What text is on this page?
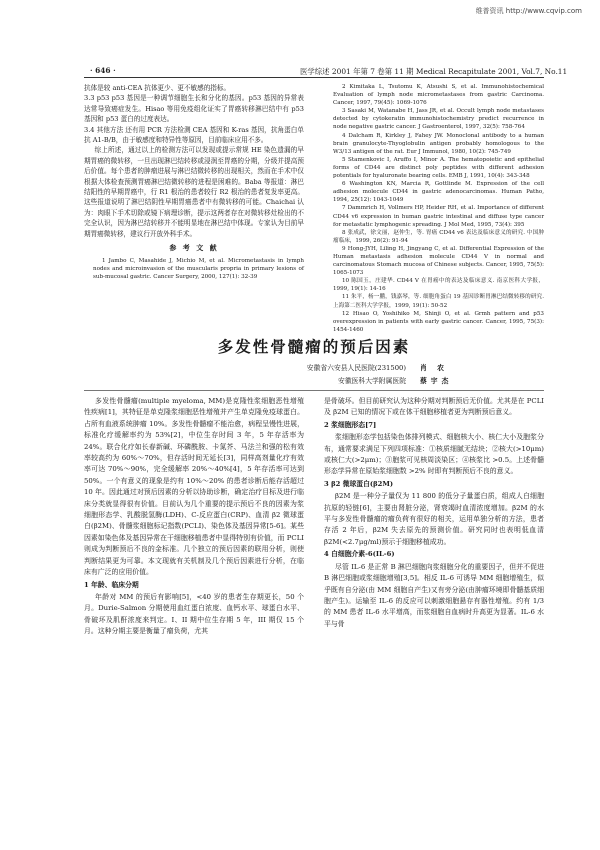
维普资讯 http://www.cqvip.com
· 646 ·	医学综述 2001 年第 7 卷第 11 期 Medical Recapitulate 2001, Vol.7, No.11

抗体是较 anti-CEA 抗体更少、更不敏感的指标。

3.3 p53 p53 基因是一种调节细胞生长和分化的基因。p53 基因的异常表达常导致癌症发生。Hisao 等用免疫组化证实了胃癌转移淋巴结中有 p53 基因和 p53 蛋白的过度表达。

3.4 其他方法 还有用 PCR 方法检测 CEA 基因和 K-ras 基因，抗角蛋白单抗 A1-B/B，由于敏感度和特异性等原因，目前临床应用不多。

综上所述，通过以上的检测方法可以发现或提示常规 HE 染色遗漏的早期胃癌的微转移，一旦出现淋巴结转移或浸润至胃癌的分期，分级并提高预后价值。每个患者的肿瘤进展与淋巴结微转移的出现相关，然而在手术中仅根据大体检查预测胃癌淋巴结微转移的进程是困难的。Baba 等报道：淋巴结阳性的早期胃癌中，行 R1 根治的患者较行 R2 根治的患者复发率更高。这些报道说明了淋巴结阴性早期胃癌患者中有微转移的可能。Chaichai 认为：肉眼下手术切除或镜下病理诊断，提示这两者存在对微转移灶检出的不完全认识，因为淋巴结转移并不能明显地在淋巴结中体现。专家认为目前早期胃癌微转移，建议行开放外科手术。

参 考 文 献

1 Jambo C, Masahide J, Michio M, et al. Micrometastasis in lymph nodes and microinvasion of the muscularis propria in primary lesions of sub-mucosal gastric. Cancer Surgery, 2000, 127(1): 32-39

2 Kimitaka L, Tsutomu K, Atsushi S, et al. Immunohistochemical Evaluation of lymph node micrometastases from gastric Carcinoma. Cancer, 1997, 79(45): 1069-1076

3 Sasaki M, Watanabe H, Jass JR, et al. Occult lymph node metastases detected by cytokeratin immunohistochemistry predict recurrence in node negative gastric cancer. J Gastroenterol, 1997, 32(5): 758-764

4 Dalcham R, Kirkley J, Fahey JW. Monoclonal antibody to a human brain granulocyte-Thyoglobulin antigen probably homologous to the W3/13 antigen of the rat. Eur J Immunol, 1980, 10(2): 745-749

5 Stamenkovic I, Aruffo I, Minor A. The hematopoietic and epithelial forms of CD44 are distinct poly peptides with different adhesion potentials for hyaluronate bearing cells. EMB J, 1991, 10(4): 343-348

6 Washington KN, Marcia R, Gottlinde M. Expression of the cell adhesion molecule CD44 in gastric adenocarcinomas. Human Patho, 1994, 25(12): 1043-1049

7 Dammrich H, Vollmers HP, Heider RH, et al. Importance of different CD44 v6 expression in human gastric intestinal and diffuse type cancer for metastatic lymphogenic spreading. J Mol Med, 1995, 73(4): 395

8 张成武，徐文丽，赵仲生，等. 胃癌 CD44 v6 表达及临床意义的研究. 中国肿瘤临床，1999, 26(2): 91-94

9 Hong-JYH, Liling H, Jingyang C, et al. Differential Expression of the Human metastasis adhesion molecule CD44 V in normal and carcinomatous Stomach mucosa of Chinese subjects. Cancer, 1995, 75(5): 1065-1073

10 陈国玉，庄建华. CD44 V 在胃癌中的表达及临床意义. 南京医科大学报，1999, 19(1): 14-16

11 朱平，杨一鹏，钱嘉琴，等. 细胞角蛋白 19 基因诊断胃淋巴结微转移的研究. 上海第二医科大学学报，1999, 19(1): 50-52

12 Hisao O, Yoshihiko M, Shinji O, et al. Grmh pattern and p53 overexpression in patients with early gastric cancer. Cancer, 1995, 75(3): 1454-1460

多发性骨髓瘤的预后因素
安徽省六安县人民医院(231500) 肖 农
安徽医科大学附属医院 蔡宇杰

多发性骨髓瘤(multiple myeloma, MM)是克隆性浆细胞恶性增殖性疾病[1]，其特征是单克隆浆细胞恶性增殖并产生单克隆免疫球蛋白。占所有血液系统肿瘤 10%。多发性骨髓瘤不能治愈，病程呈慢性进展，标准化疗缓解率约为 53%[2]，中位生存时间 3 年，5 年存活率为 24%。联合化疗如长春新碱、环磷酰胺、卡氮芥、马法兰和强的松有效率较高约为 60%～70%，但存活时间无延长[3]，同样高剂量化疗有效率可达 70%～90%，完全缓解率 20%～40%[4]，5 年存活率可达到 50%。一个有意义的现象是约有 10%～20% 的患者诊断后能存活超过 10 年。因此通过对预后因素的分析以协助诊断，确定治疗目标及进行临床分类就显得很有价值。目前认为几个重要的提示预后不良的因素为浆细胞形态学、乳酸脱氢酶(LDH)、C-反应蛋白(CRP)、血清 β2 微球蛋白(β2M)、骨髓浆细胞标记指数(PCLI)、染色体及基因异常[5-6]。某些因素如染色体及基因异常在干细胞移植患者中显得特别有价值，而 PCLI 则成为判断预后不良的金标准。几个独立的预后因素的联用分析，则使判断结果更为可靠。本文现就有关机制及几个预后因素进行分析，在临床有广泛的应用价值。

1 年龄、临床分期

年龄对 MM 的预后有影响[5]，<40 岁的患者生存期更长，50 个月。Durie-Salmon 分期使用血红蛋白浓度、血钙水平、球蛋白水平、骨破坏及肌酐浓度来判定。I、II 期中位生存期 5 年，III 期仅 15 个月。这种分期主要是衡量了瘤负荷，尤其

是骨破坏。但目前研究认为这种分期对判断预后无价值。尤其是在 PCLI 及 β2M 已知的情况下或在体干细胞移植者更为判断预后意义。

2 浆细胞形态[7]

浆细胞形态学包括染色体排列模式、细胞核大小、核仁大小及胞浆分布，通常要求满足下列四项标准：①核质细腻无结块；②核大(>10μm)或核仁大(>2μm)；③胞浆可见核周淡染区；④核浆比 >0.5。上述骨髓形态学异常在原始浆细胞数 >2% 时即有判断预后不良的意义。

3 β2 微球蛋白(β2M)

β2M 是一种分子量仅为 11 800 的低分子量蛋白质，组成人白细胞抗原的轻链[6]，主要由肾脏分泌，肾衰竭时血清浓度增加。β2M 的水平与多发性骨髓瘤的瘤负荷有很好的相关，运用单独分析的方法，患者存活 2 年后，β2M 失去原先的预测价值。研究同时也表明低血清 β2M(<2.7μg/ml)预示于细胞移植成功。

4 白细胞介素-6(IL-6)

尽管 IL-6 是正常 B 淋巴细胞向浆细胞分化的重要因子，但并不促进 B 淋巴细胞或浆细胞增殖[3,5]。相反 IL-6 可诱导 MM 细胞增殖生，似乎既有自分泌(由 MM 细胞自产生)又有旁分泌(由肿瘤环境即骨髓基质细胞产生)。运输至 IL-6 的反应可以刺激细胞悬存有器性增殖。约有 1/3 的 MM 患者 IL-6 水平增高，而浆细胞自血病时升高更为显著。IL-6 水平与骨
